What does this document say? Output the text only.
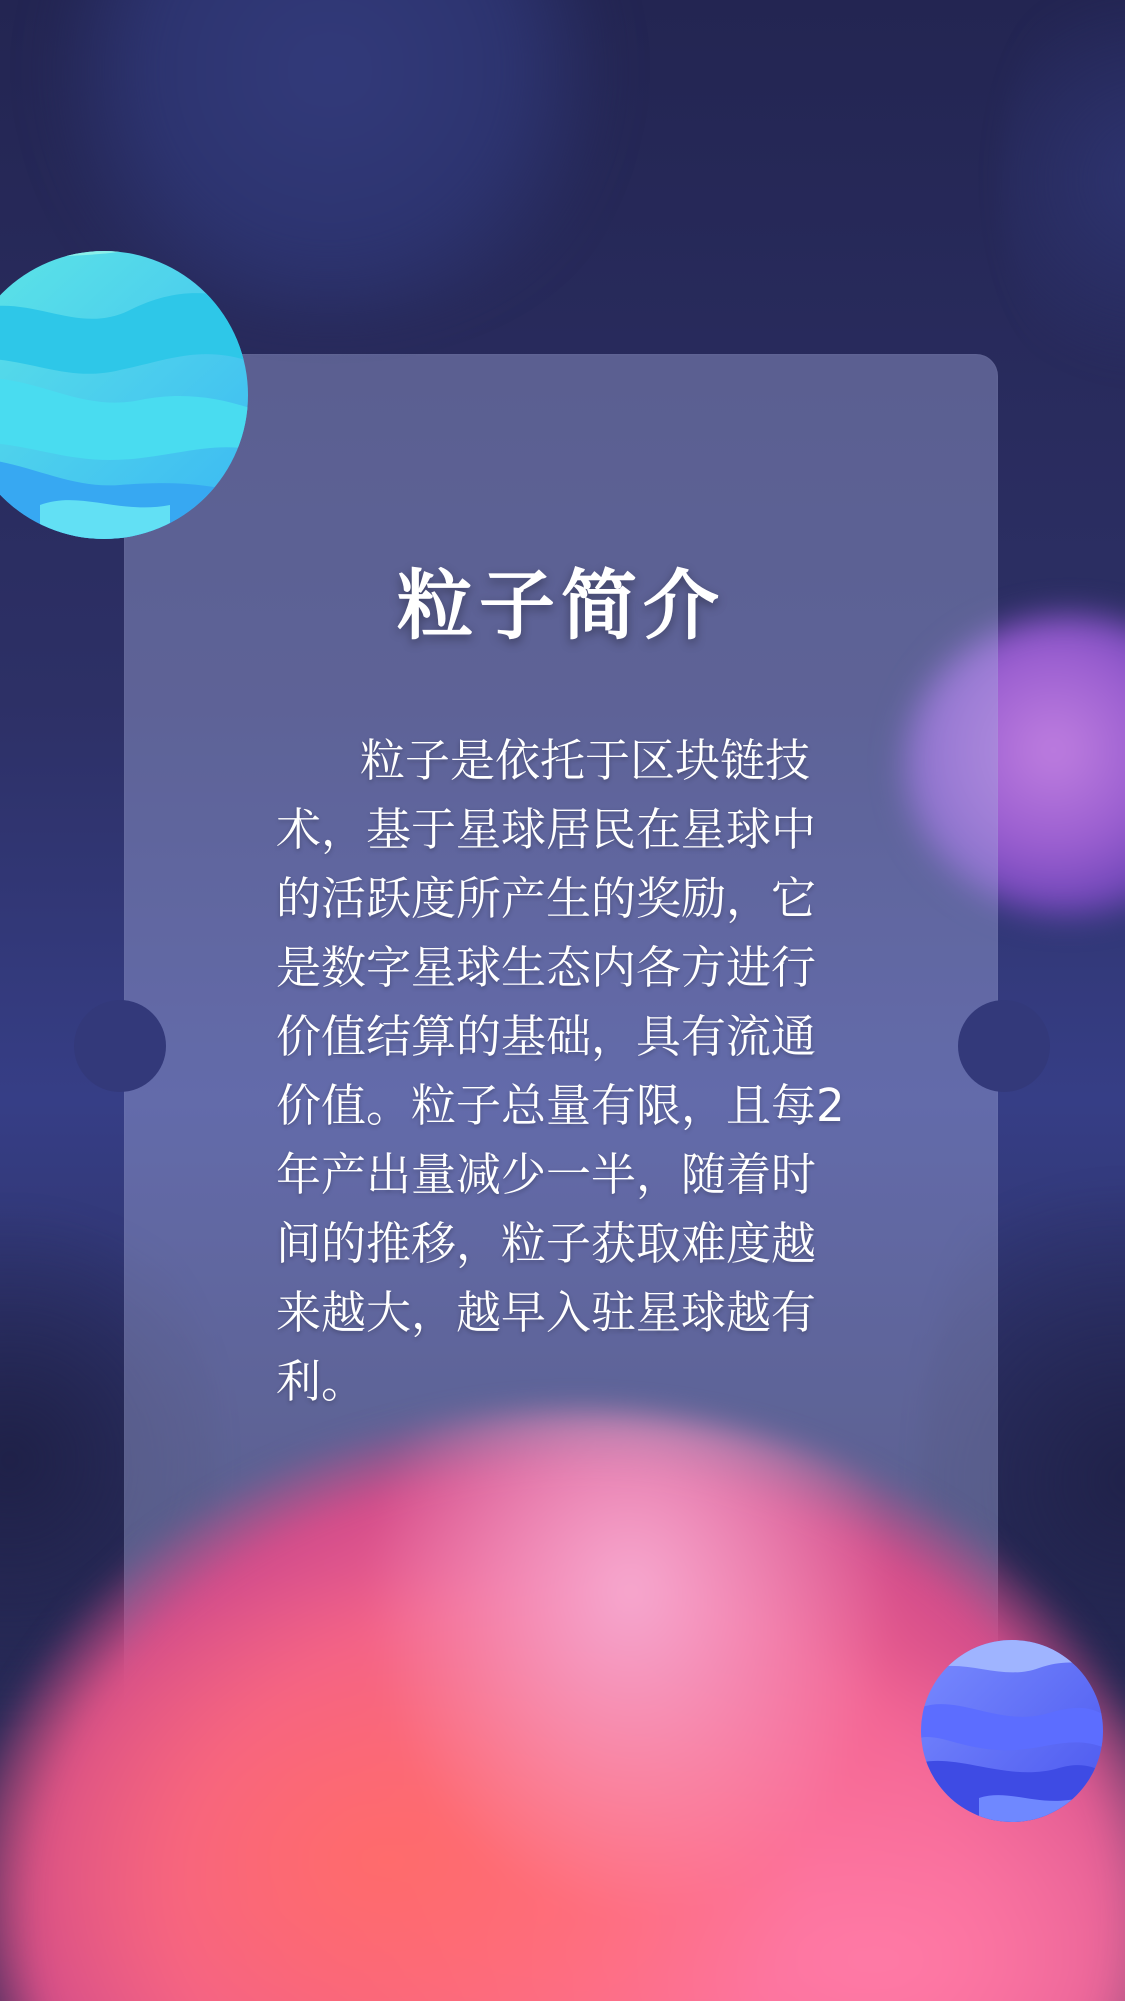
粒子简介
粒子是依托于区块链技术，基于星球居民在星球中的活跃度所产生的奖励，它是数字星球生态内各方进行价值结算的基础，具有流通价值。粒子总量有限，且每2年产出量减少一半，随着时间的推移，粒子获取难度越来越大，越早入驻星球越有利。
